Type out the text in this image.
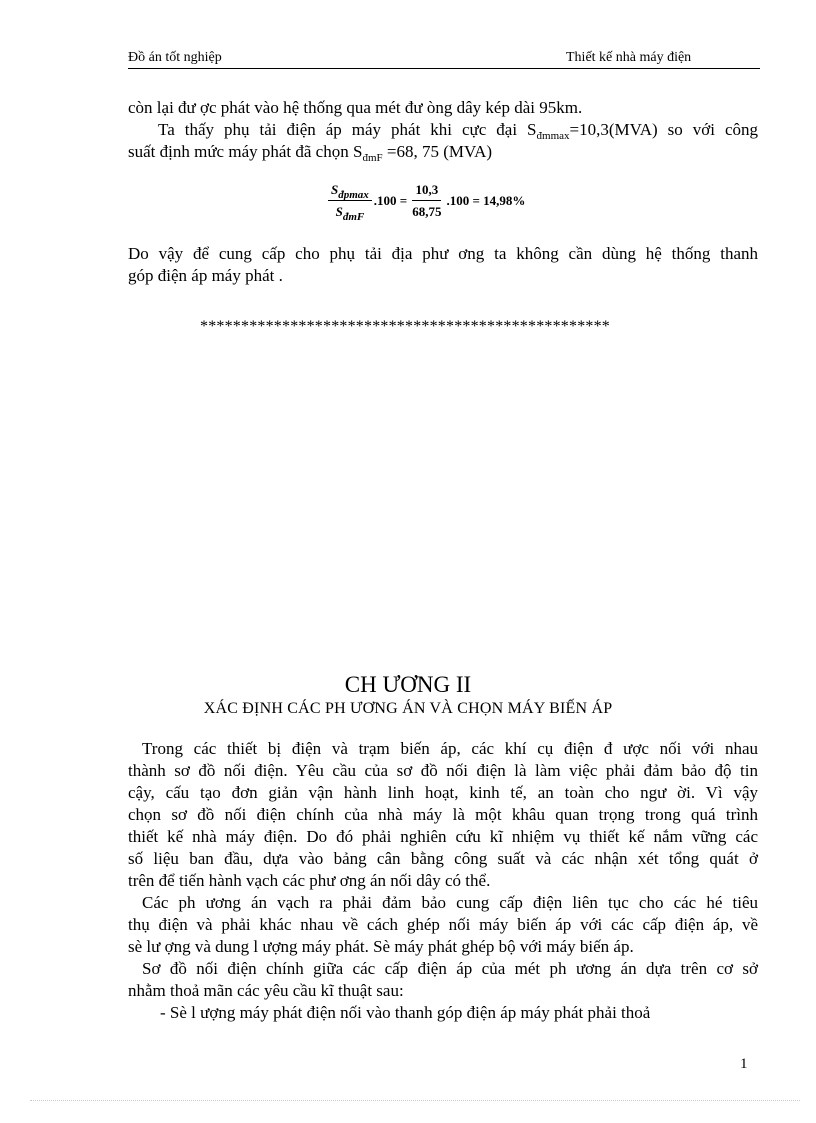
Đồ án tốt nghiệp	Thiết kế nhà máy điện
còn lại đư ợc phát vào hệ thống qua mét đư òng dây kép dài 95km.
Ta thấy phụ tải điện áp máy phát khi cực đại $S_{đmmax}=10,3(MVA)$ so với công
suất định mức máy phát đã chọn $S_{đmF} =68$, 75 (MVA)
$\frac{S_{đpmax}}{S_{đmF}} .100 = \frac{10,3}{68,75} .100 = 14,98\%$
Do vậy để cung cấp cho phụ tải địa phư ơng ta không cần dùng hệ thống thanh
góp điện áp máy phát .
**************************************************
CH ƯƠNG II
XÁC ĐỊNH CÁC PH ƯƠNG ÁN VÀ CHỌN MÁY BIẾN ÁP
Trong các thiết bị điện và trạm biến áp, các khí cụ điện đ ược nối với nhau
thành sơ đồ nối điện. Yêu cầu của sơ đồ nối điện là làm việc phải đảm bảo độ tin
cậy, cấu tạo đơn giản vận hành linh hoạt, kinh tế, an toàn cho ngư ời. Vì vậy
chọn sơ đồ nối điện chính của nhà máy là một khâu quan trọng trong quá trình
thiết kế nhà máy điện. Do đó phải nghiên cứu kĩ nhiệm vụ thiết kế nắm vững các
số liệu ban đầu, dựa vào bảng cân bằng công suất và các nhận xét tổng quát ở
trên để tiến hành vạch các phư ơng án nối dây có thể.
Các ph ương án vạch ra phải đảm bảo cung cấp điện liên tục cho các hé tiêu
thụ điện và phải khác nhau về cách ghép nối máy biến áp với các cấp điện áp, về
sè lư ợng và dung l ượng máy phát. Sè máy phát ghép bộ với máy biến áp.
Sơ đồ nối điện chính giữa các cấp điện áp của mét ph ương án dựa trên cơ sở
nhằm thoả mãn các yêu cầu kĩ thuật sau:
- Sè l ượng máy phát điện nối vào thanh góp điện áp máy phát phải thoả
1
